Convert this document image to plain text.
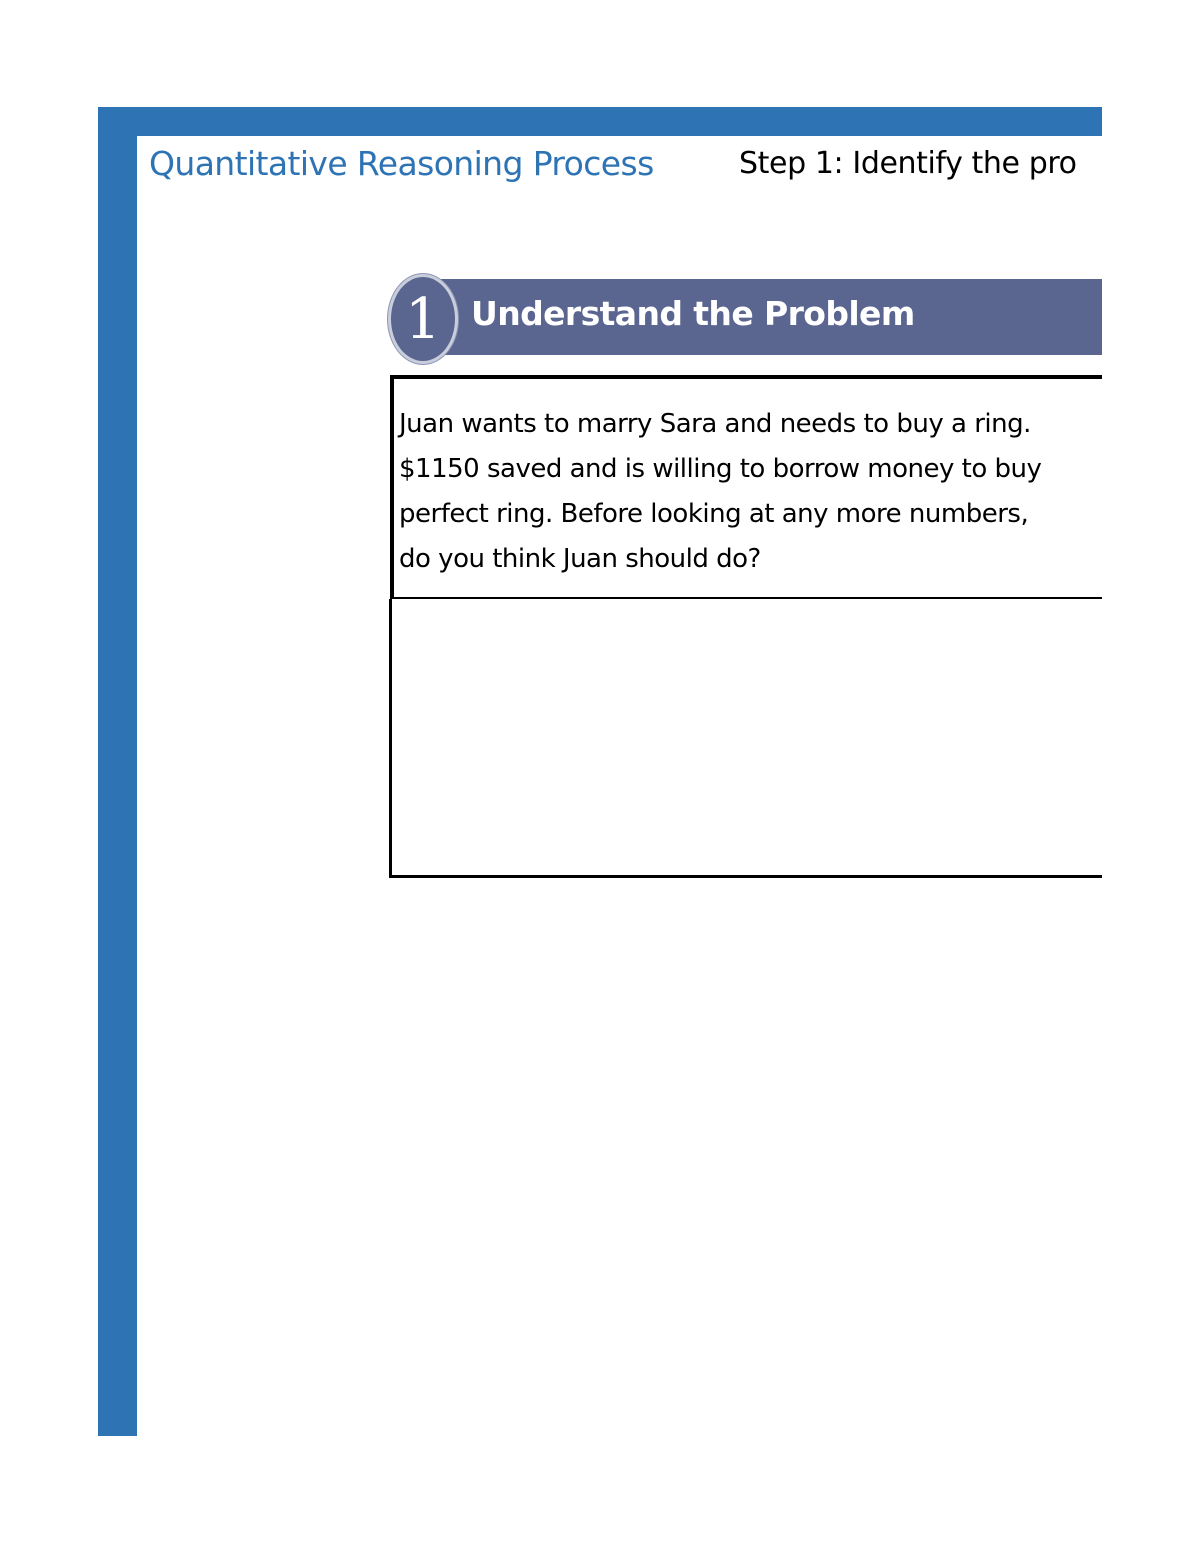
Quantitative Reasoning Process	Step 1: Identify the pro
Understand the Problem
1
Juan wants to marry Sara and needs to buy a ring.
$1150 saved and is willing to borrow money to buy
perfect ring. Before looking at any more numbers,
do you think Juan should do?
